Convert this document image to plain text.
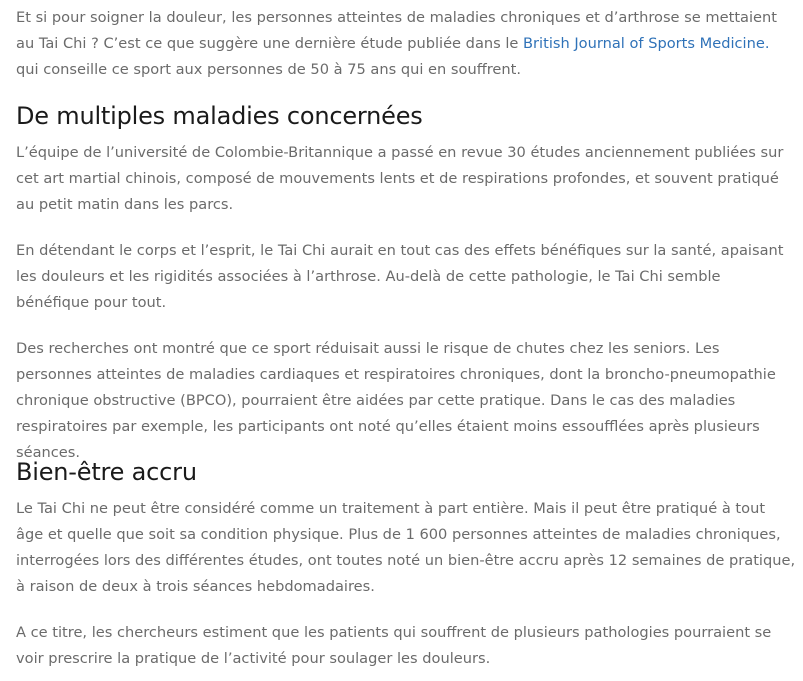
Et si pour soigner la douleur, les personnes atteintes de maladies chroniques et d’arthrose se mettaient au Tai Chi ? C’est ce que suggère une dernière étude publiée dans le British Journal of Sports Medicine. qui conseille ce sport aux personnes de 50 à 75 ans qui en souffrent.

De multiples maladies concernées

L’équipe de l’université de Colombie-Britannique a passé en revue 30 études anciennement publiées sur cet art martial chinois, composé de mouvements lents et de respirations profondes, et souvent pratiqué au petit matin dans les parcs.

En détendant le corps et l’esprit, le Tai Chi aurait en tout cas des effets bénéfiques sur la santé, apaisant les douleurs et les rigidités associées à l’arthrose. Au-delà de cette pathologie, le Tai Chi semble bénéfique pour tout.

Des recherches ont montré que ce sport réduisait aussi le risque de chutes chez les seniors. Les personnes atteintes de maladies cardiaques et respiratoires chroniques, dont la broncho-pneumopathie chronique obstructive (BPCO), pourraient être aidées par cette pratique. Dans le cas des maladies respiratoires par exemple, les participants ont noté qu’elles étaient moins essoufflées après plusieurs séances.

Bien-être accru

Le Tai Chi ne peut être considéré comme un traitement à part entière. Mais il peut être pratiqué à tout âge et quelle que soit sa condition physique. Plus de 1 600 personnes atteintes de maladies chroniques, interrogées lors des différentes études, ont toutes noté un bien-être accru après 12 semaines de pratique, à raison de deux à trois séances hebdomadaires.

A ce titre, les chercheurs estiment que les patients qui souffrent de plusieurs pathologies pourraient se voir prescrire la pratique de l’activité pour soulager les douleurs.
